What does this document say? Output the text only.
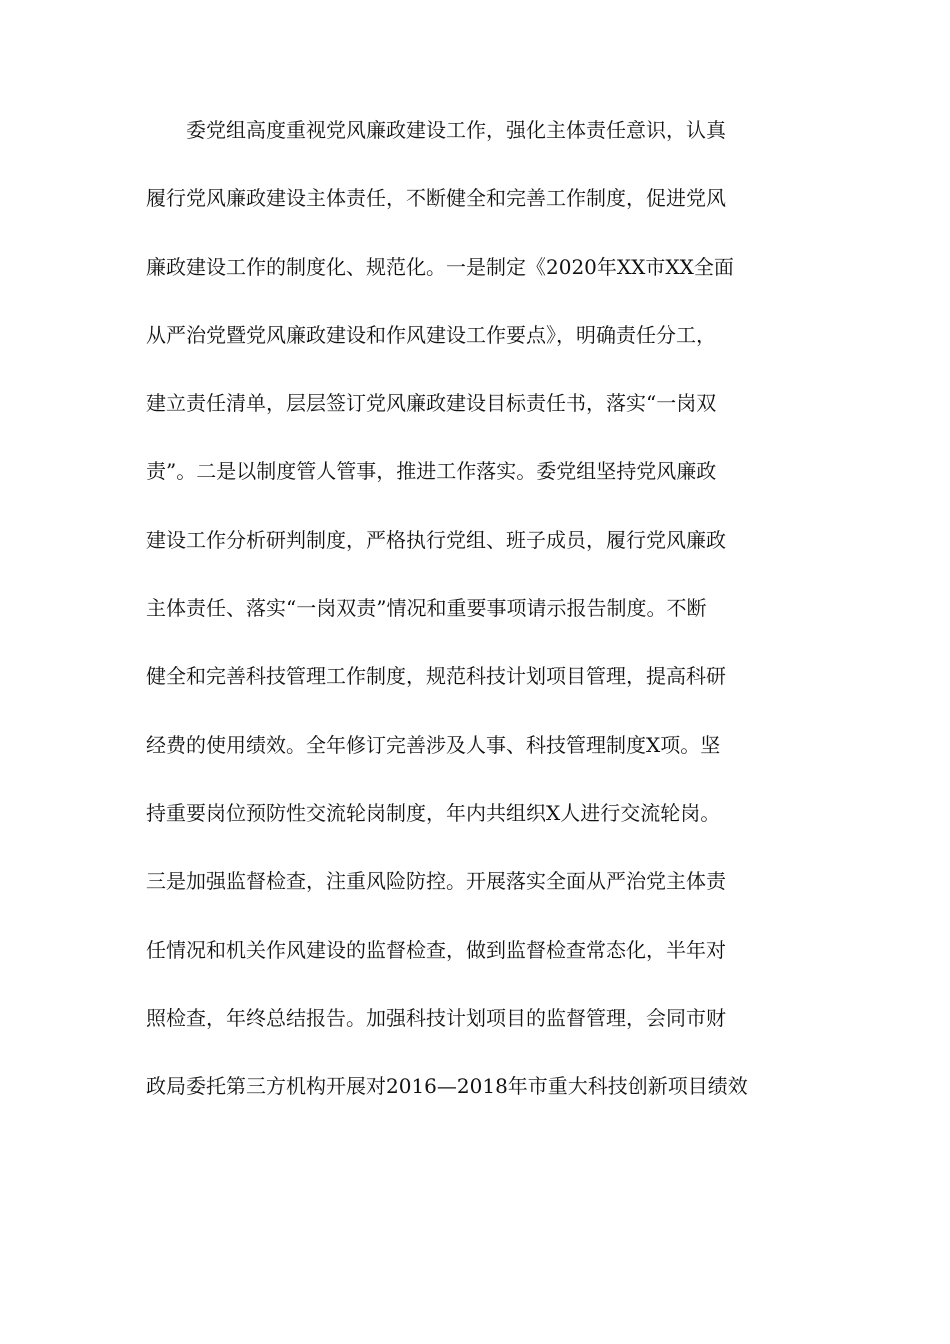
　　委党组高度重视党风廉政建设工作，强化主体责任意识，认真
履行党风廉政建设主体责任，不断健全和完善工作制度，促进党风
廉政建设工作的制度化、规范化。一是制定《2020年XX市XX全面
从严治党暨党风廉政建设和作风建设工作要点》，明确责任分工，
建立责任清单，层层签订党风廉政建设目标责任书，落实“一岗双
责”。二是以制度管人管事，推进工作落实。委党组坚持党风廉政
建设工作分析研判制度，严格执行党组、班子成员，履行党风廉政
主体责任、落实“一岗双责”情况和重要事项请示报告制度。不断
健全和完善科技管理工作制度，规范科技计划项目管理，提高科研
经费的使用绩效。全年修订完善涉及人事、科技管理制度X项。坚
持重要岗位预防性交流轮岗制度，年内共组织X人进行交流轮岗。
三是加强监督检查，注重风险防控。开展落实全面从严治党主体责
任情况和机关作风建设的监督检查，做到监督检查常态化，半年对
照检查，年终总结报告。加强科技计划项目的监督管理，会同市财
政局委托第三方机构开展对2016—2018年市重大科技创新项目绩效
